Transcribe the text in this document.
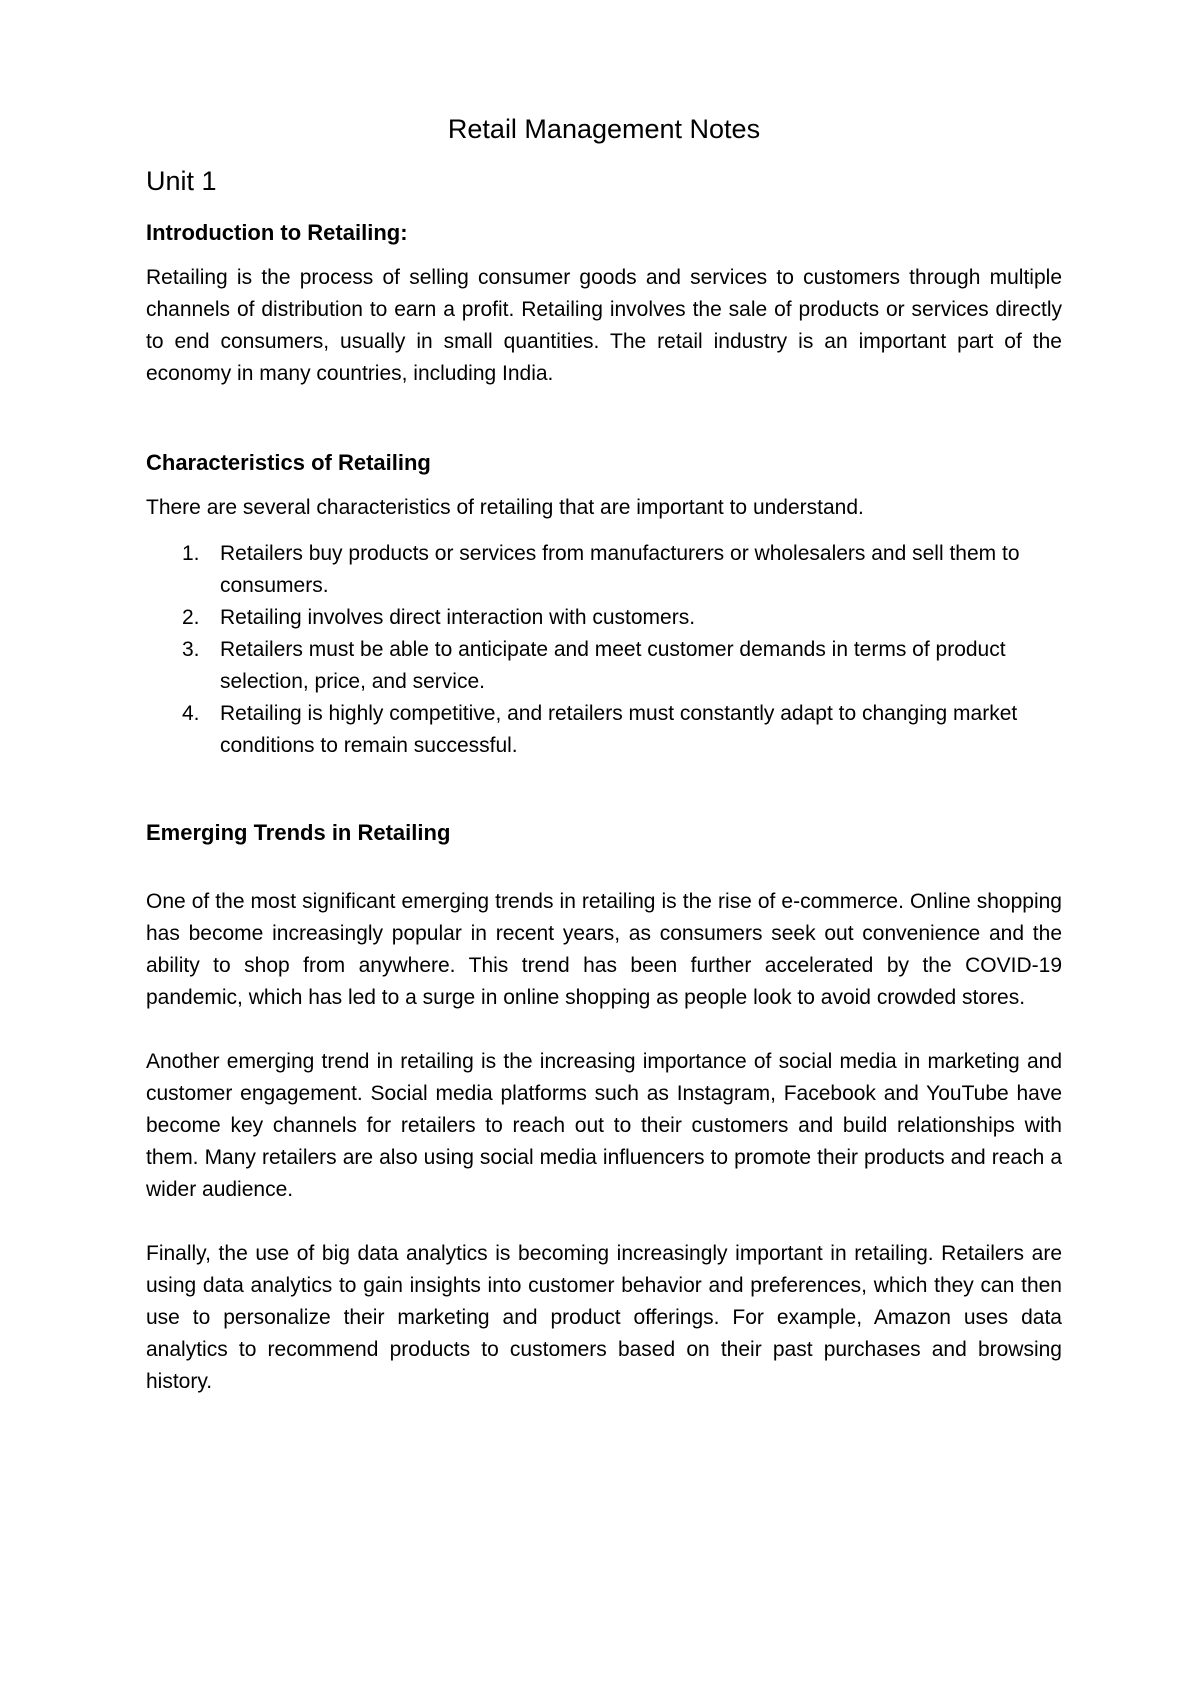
Retail Management Notes
Unit 1
Introduction to Retailing:

Retailing is the process of selling consumer goods and services to customers through multiple channels of distribution to earn a profit. Retailing involves the sale of products or services directly to end consumers, usually in small quantities. The retail industry is an important part of the economy in many countries, including India.

Characteristics of Retailing

There are several characteristics of retailing that are important to understand.

1. Retailers buy products or services from manufacturers or wholesalers and sell them to consumers.
2. Retailing involves direct interaction with customers.
3. Retailers must be able to anticipate and meet customer demands in terms of product selection, price, and service.
4. Retailing is highly competitive, and retailers must constantly adapt to changing market conditions to remain successful.
Emerging Trends in Retailing

One of the most significant emerging trends in retailing is the rise of e-commerce. Online shopping has become increasingly popular in recent years, as consumers seek out convenience and the ability to shop from anywhere. This trend has been further accelerated by the COVID-19 pandemic, which has led to a surge in online shopping as people look to avoid crowded stores.

Another emerging trend in retailing is the increasing importance of social media in marketing and customer engagement. Social media platforms such as Instagram, Facebook and YouTube have become key channels for retailers to reach out to their customers and build relationships with them. Many retailers are also using social media influencers to promote their products and reach a wider audience.

Finally, the use of big data analytics is becoming increasingly important in retailing. Retailers are using data analytics to gain insights into customer behavior and preferences, which they can then use to personalize their marketing and product offerings. For example, Amazon uses data analytics to recommend products to customers based on their past purchases and browsing history.
